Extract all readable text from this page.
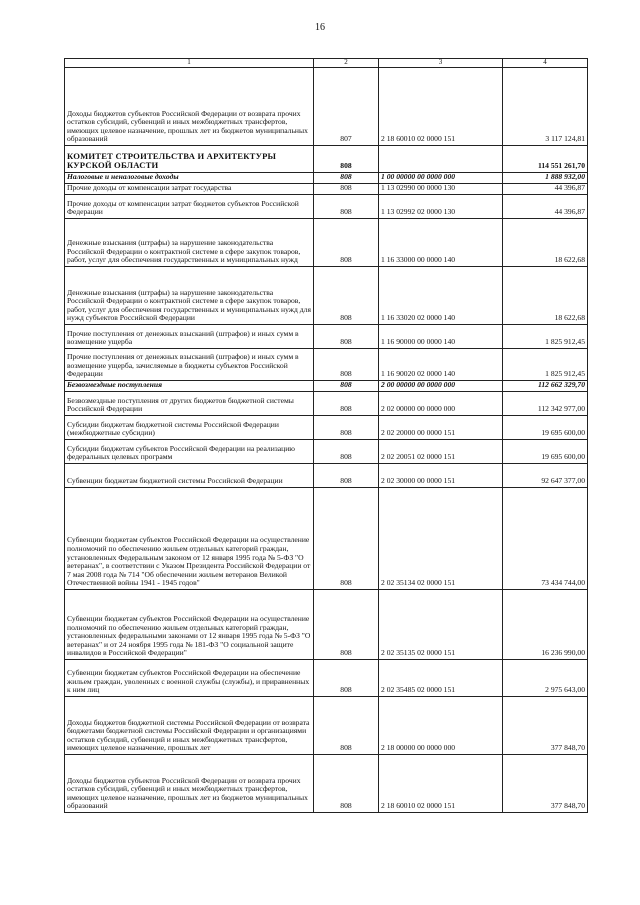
16
1	2	3	4
Доходы бюджетов субъектов Российской Федерации от возврата прочих остатков субсидий, субвенций и иных межбюджетных трансфертов, имеющих целевое назначение, прошлых лет из бюджетов муниципальных образований	807	2 18 60010 02 0000 151	3 117 124,81
КОМИТЕТ СТРОИТЕЛЬСТВА И АРХИТЕКТУРЫ КУРСКОЙ ОБЛАСТИ	808		114 551 261,70
Налоговые и неналоговые доходы	808	1 00 00000 00 0000 000	1 888 932,00
Прочие доходы от компенсации затрат государства	808	1 13 02990 00 0000 130	44 396,87
Прочие доходы от компенсации затрат бюджетов субъектов Российской Федерации	808	1 13 02992 02 0000 130	44 396,87
Денежные взыскания (штрафы) за нарушение законодательства Российской Федерации о контрактной системе в сфере закупок товаров, работ, услуг для обеспечения государственных и муниципальных нужд	808	1 16 33000 00 0000 140	18 622,68
Денежные взыскания (штрафы) за нарушение законодательства Российской Федерации о контрактной системе в сфере закупок товаров, работ, услуг для обеспечения государственных и муниципальных нужд для нужд субъектов Российской Федерации	808	1 16 33020 02 0000 140	18 622,68
Прочие поступления от денежных взысканий (штрафов) и иных сумм в возмещение ущерба	808	1 16 90000 00 0000 140	1 825 912,45
Прочие поступления от денежных взысканий (штрафов) и иных сумм в возмещение ущерба, зачисляемые в бюджеты субъектов Российской Федерации	808	1 16 90020 02 0000 140	1 825 912,45
Безвозмездные поступления	808	2 00 00000 00 0000 000	112 662 329,70
Безвозмездные поступления от других бюджетов бюджетной системы Российской Федерации	808	2 02 00000 00 0000 000	112 342 977,00
Субсидии бюджетам бюджетной системы Российской Федерации (межбюджетные субсидии)	808	2 02 20000 00 0000 151	19 695 600,00
Субсидии бюджетам субъектов Российской Федерации на реализацию федеральных целевых программ	808	2 02 20051 02 0000 151	19 695 600,00
Субвенции бюджетам бюджетной системы Российской Федерации	808	2 02 30000 00 0000 151	92 647 377,00
Субвенции бюджетам субъектов Российской Федерации на осуществление полномочий по обеспечению жильем отдельных категорий граждан, установленных Федеральным законом от 12 января 1995 года № 5-ФЗ "О ветеранах", в соответствии с Указом Президента Российской Федерации от 7 мая 2008 года № 714 "Об обеспечении жильем ветеранов Великой Отечественной войны 1941 - 1945 годов"	808	2 02 35134 02 0000 151	73 434 744,00
Субвенции бюджетам субъектов Российской Федерации на осуществление полномочий по обеспечению жильем отдельных категорий граждан, установленных федеральными законами от 12 января 1995 года № 5-ФЗ "О ветеранах" и от 24 ноября 1995 года № 181-ФЗ "О социальной защите инвалидов в Российской Федерации"	808	2 02 35135 02 0000 151	16 236 990,00
Субвенции бюджетам субъектов Российской Федерации на обеспечение жильем граждан, уволенных с военной службы (службы), и приравненных к ним лиц	808	2 02 35485 02 0000 151	2 975 643,00
Доходы бюджетов бюджетной системы Российской Федерации от возврата бюджетами бюджетной системы Российской Федерации и организациями остатков субсидий, субвенций и иных межбюджетных трансфертов, имеющих целевое назначение, прошлых лет	808	2 18 00000 00 0000 000	377 848,70
Доходы бюджетов субъектов Российской Федерации от возврата прочих остатков субсидий, субвенций и иных межбюджетных трансфертов, имеющих целевое назначение, прошлых лет из бюджетов муниципальных образований	808	2 18 60010 02 0000 151	377 848,70
